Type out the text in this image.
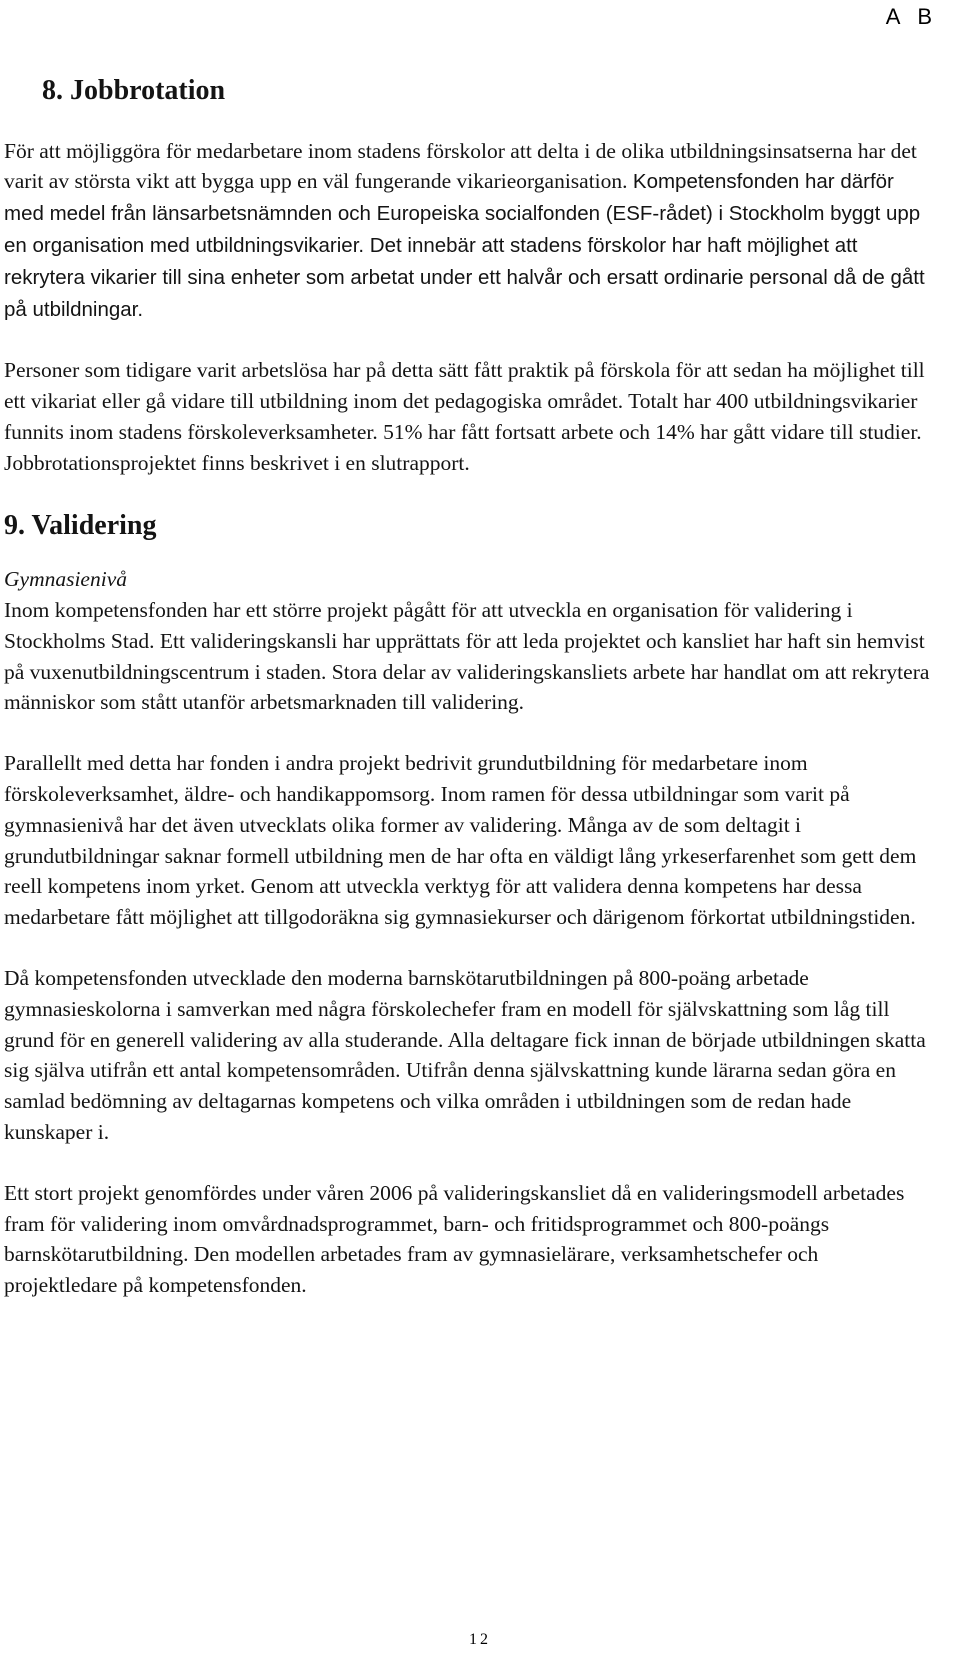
A B
8. Jobbrotation

För att möjliggöra för medarbetare inom stadens förskolor att delta i de olika utbildningsinsatserna har det varit av största vikt att bygga upp en väl fungerande vikarieorganisation. Kompetensfonden har därför med medel från länsarbetsnämnden och Europeiska socialfonden (ESF-rådet) i Stockholm byggt upp en organisation med utbildningsvikarier. Det innebär att stadens förskolor har haft möjlighet att rekrytera vikarier till sina enheter som arbetat under ett halvår och ersatt ordinarie personal då de gått på utbildningar.

Personer som tidigare varit arbetslösa har på detta sätt fått praktik på förskola för att sedan ha möjlighet till ett vikariat eller gå vidare till utbildning inom det pedagogiska området. Totalt har 400 utbildningsvikarier funnits inom stadens förskoleverksamheter. 51% har fått fortsatt arbete och 14% har gått vidare till studier. Jobbrotationsprojektet finns beskrivet i en slutrapport.

9. Validering
Gymnasienivå

Inom kompetensfonden har ett större projekt pågått för att utveckla en organisation för validering i Stockholms Stad. Ett valideringskansli har upprättats för att leda projektet och kansliet har haft sin hemvist på vuxenutbildningscentrum i staden. Stora delar av valideringskansliets arbete har handlat om att rekrytera människor som stått utanför arbetsmarknaden till validering.

Parallellt med detta har fonden i andra projekt bedrivit grundutbildning för medarbetare inom förskoleverksamhet, äldre- och handikappomsorg. Inom ramen för dessa utbildningar som varit på gymnasienivå har det även utvecklats olika former av validering. Många av de som deltagit i grundutbildningar saknar formell utbildning men de har ofta en väldigt lång yrkeserfarenhet som gett dem reell kompetens inom yrket. Genom att utveckla verktyg för att validera denna kompetens har dessa medarbetare fått möjlighet att tillgodoräkna sig gymnasiekurser och därigenom förkortat utbildningstiden.

Då kompetensfonden utvecklade den moderna barnskötarutbildningen på 800-poäng arbetade gymnasieskolorna i samverkan med några förskolechefer fram en modell för självskattning som låg till grund för en generell validering av alla studerande. Alla deltagare fick innan de började utbildningen skatta sig själva utifrån ett antal kompetensområden. Utifrån denna självskattning kunde lärarna sedan göra en samlad bedömning av deltagarnas kompetens och vilka områden i utbildningen som de redan hade kunskaper i.

Ett stort projekt genomfördes under våren 2006 på valideringskansliet då en valideringsmodell arbetades fram för validering inom omvårdnadsprogrammet, barn- och fritidsprogrammet och 800-poängs barnskötarutbildning. Den modellen arbetades fram av gymnasielärare, verksamhetschefer och projektledare på kompetensfonden.

12
